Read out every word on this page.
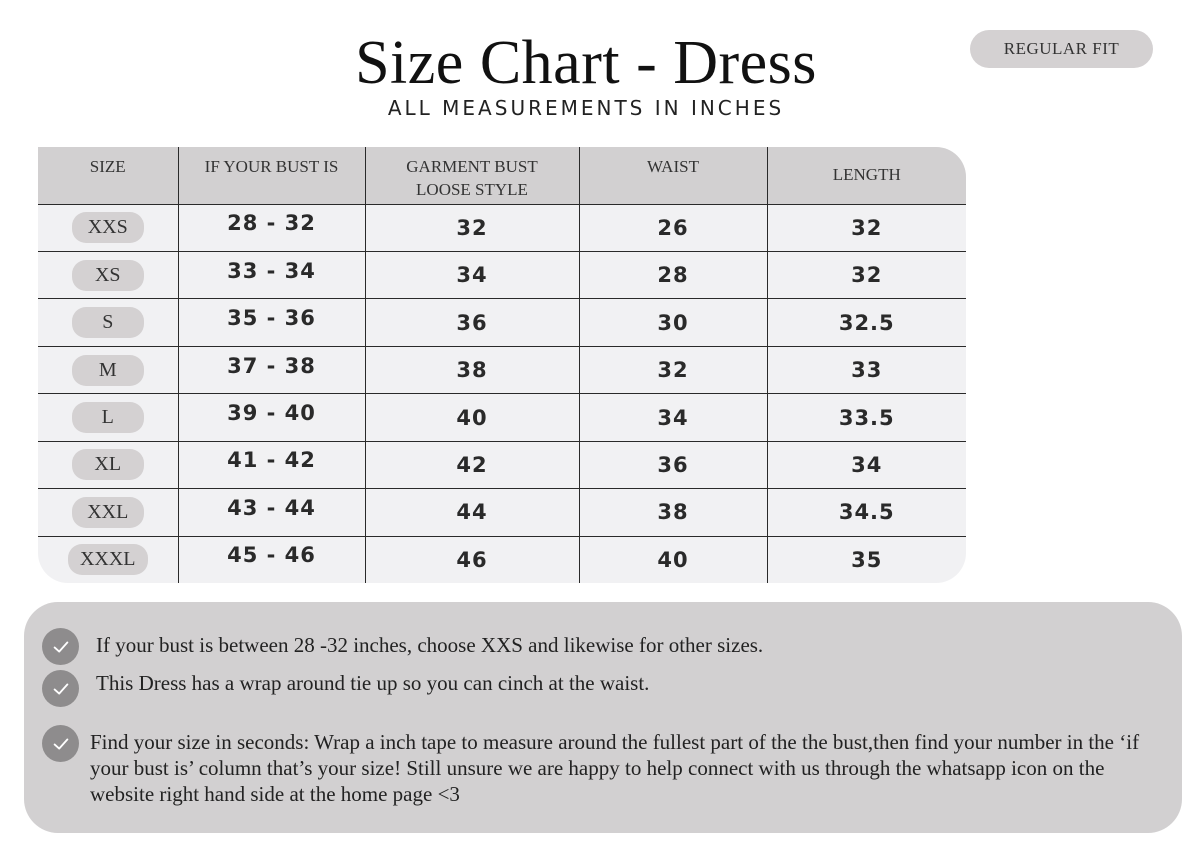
Size Chart - Dress
ALL MEASUREMENTS IN INCHES
REGULAR FIT
SIZE	IF YOUR BUST IS	GARMENT BUST LOOSE STYLE	WAIST	LENGTH
XXS	28 - 32	32	26	32
XS	33 - 34	34	28	32
S	35 - 36	36	30	32.5
M	37 - 38	38	32	33
L	39 - 40	40	34	33.5
XL	41 - 42	42	36	34
XXL	43 - 44	44	38	34.5
XXXL	45 - 46	46	40	35
If your bust is between 28 -32 inches, choose XXS and likewise for other sizes.
This Dress has a wrap around tie up so you can cinch at the waist.
Find your size in seconds: Wrap a inch tape to measure around the fullest part of the the bust,then find your number in the ‘if your bust is’ column that’s your size! Still unsure we are happy to help connect with us through the whatsapp icon on the website right hand side at the home page <3
